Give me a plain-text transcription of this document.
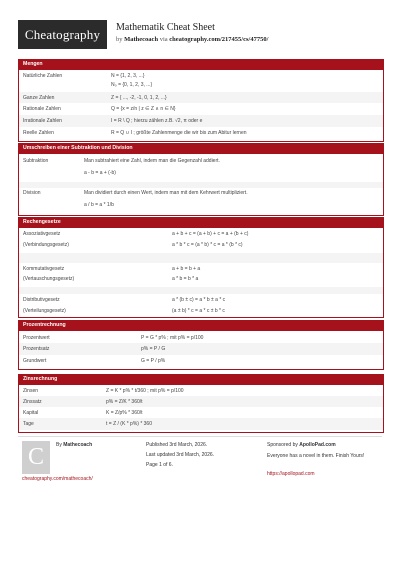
Cheatography	Mathematik Cheat Sheet
by Mathecoach via cheatography.com/217455/cs/47750/
Mengen
Natürliche Zahlen	N = {1, 2, 3, ...}
N₀ = {0, 1, 2, 3, ...}
Ganze Zahlen	Z = { ..., -2, -1, 0, 1, 2, ...}
Rationale Zahlen	Q = {x = z/n | z ∈ Z ∧ n ∈ N}
Irrationale Zahlen	I = R \ Q ; hierzu zählen z.B. √2, π oder e
Reelle Zahlen	R = Q ∪ I ; größte Zahlenmenge die wir bis zum Abitur lernen
Umschreiben einer Subtraktion und Division
Subtraktion	Man subtrahiert eine Zahl, indem man die Gegenzahl addiert.
a - b = a + (-b)
Division	Man dividiert durch einen Wert, indem man mit dem Kehrwert multipliziert.
a / b = a * 1/b
Rechengesetze
Assoziativgesetz	a + b + c = (a + b) + c = a + (b + c)
(Verbindungsgesetz)	a * b * c = (a * b) * c = a * (b * c)
Kommutativgesetz	a + b = b + a
(Vertauschungsgesetz)	a * b = b * a
Distributivgesetz	a * (b ± c) = a * b ± a * c
(Verteilungsgesetz)	(a ± b) * c = a * c ± b * c
Prozentrechnung
Prozentwert	P = G * p% ; mit p% = p/100
Prozentsatz	p% = P / G
Grundwert	G = P / p%
Zinsrechnung
Zinsen	Z = K * p% * t/360 ; mit p% = p/100
Zinssatz	p% = Z/K * 360/t
Kapital	K = Z/p% * 360/t
Tage	t = Z / (K * p%) * 360
C	By Mathecoach
cheatography.com/mathecoach/
Published 3rd March, 2026.
Last updated 3rd March, 2026.
Page 1 of 6.
Sponsored by ApolloPad.com
Everyone has a novel in them. Finish Yours!
https://apollopad.com
